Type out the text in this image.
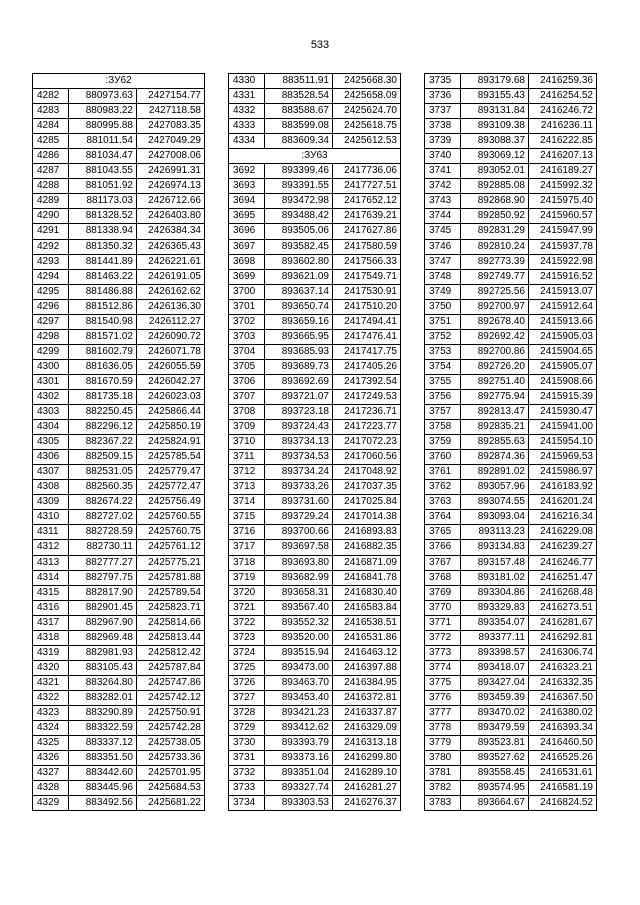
533
:ЗУ62		
4282	880973.63	2427154.77
4283	880983.22	2427118.58
4284	880995.88	2427083.35
4285	881011.54	2427049.29
4286	881034.47	2427008.06
4287	881043.55	2426991.31
4288	881051.92	2426974.13
4289	881173.03	2426712.66
4290	881328.52	2426403.80
4291	881338.94	2426384.34
4292	881350.32	2426365.43
4293	881441.89	2426221.61
4294	881463.22	2426191.05
4295	881486.88	2426162.62
4296	881512.86	2426136.30
4297	881540.98	2426112.27
4298	881571.02	2426090.72
4299	881602.79	2426071.78
4300	881636.05	2426055.59
4301	881670.59	2426042.27
4302	881735.18	2426023.03
4303	882250.45	2425866.44
4304	882296.12	2425850.19
4305	882367.22	2425824.91
4306	882509.15	2425785.54
4307	882531.05	2425779.47
4308	882560.35	2425772.47
4309	882674.22	2425756.49
4310	882727.02	2425760.55
4311	882728.59	2425760.75
4312	882730.11	2425761.12
4313	882777.27	2425775.21
4314	882797.75	2425781.88
4315	882817.90	2425789.54
4316	882901.45	2425823.71
4317	882967.90	2425814.66
4318	882969.48	2425813.44
4319	882981.93	2425812.42
4320	883105.43	2425787.84
4321	883264.80	2425747.86
4322	883282.01	2425742.12
4323	883290.89	2425750.91
4324	883322.59	2425742.28
4325	883337.12	2425738.05
4326	883351.50	2425733.36
4327	883442.60	2425701.95
4328	883445.96	2425684.53
4329	883492.56	2425681.22
4330	883511.91	2425668.30
4331	883528.54	2425658.09
4332	883588.67	2425624.70
4333	883599.08	2425618.75
4334	883609.34	2425612.53
:ЗУ63		
3692	893399.46	2417736.06
3693	893391.55	2417727.51
3694	893472.98	2417652.12
3695	893488.42	2417639.21
3696	893505.06	2417627.86
3697	893582.45	2417580.59
3698	893602.80	2417566.33
3699	893621.09	2417549.71
3700	893637.14	2417530.91
3701	893650.74	2417510.20
3702	893659.16	2417494.41
3703	893665.95	2417476.41
3704	893685.93	2417417.75
3705	893689.73	2417405.26
3706	893692.69	2417392.54
3707	893721.07	2417249.53
3708	893723.18	2417236.71
3709	893724.43	2417223.77
3710	893734.13	2417072.23
3711	893734.53	2417060.56
3712	893734.24	2417048.92
3713	893733.26	2417037.35
3714	893731.60	2417025.84
3715	893729.24	2417014.38
3716	893700.66	2416893.83
3717	893697.58	2416882.35
3718	893693.80	2416871.09
3719	893682.99	2416841.78
3720	893658.31	2416830.40
3721	893567.40	2416583.84
3722	893552.32	2416538.51
3723	893520.00	2416531.86
3724	893515.94	2416463.12
3725	893473.00	2416397.88
3726	893463.70	2416384.95
3727	893453.40	2416372.81
3728	893421.23	2416337.87
3729	893412.62	2416329.09
3730	893393.79	2416313.18
3731	893373.16	2416299.80
3732	893351.04	2416289.10
3733	893327.74	2416281.27
3734	893303.53	2416276.37
3735	893179.68	2416259.36
3736	893155.43	2416254.52
3737	893131.84	2416246.72
3738	893109.38	2416236.11
3739	893088.37	2416222.85
3740	893069.12	2416207.13
3741	893052.01	2416189.27
3742	892885.08	2415992.32
3743	892868.90	2415975.40
3744	892850.92	2415960.57
3745	892831.29	2415947.99
3746	892810.24	2415937.78
3747	892773.39	2415922.98
3748	892749.77	2415916.52
3749	892725.56	2415913.07
3750	892700.97	2415912.64
3751	892678.40	2415913.66
3752	892692.42	2415905.03
3753	892700.86	2415904.65
3754	892726.20	2415905.07
3755	892751.40	2415908.66
3756	892775.94	2415915.39
3757	892813.47	2415930.47
3758	892835.21	2415941.00
3759	892855.63	2415954.10
3760	892874.36	2415969.53
3761	892891.02	2415986.97
3762	893057.96	2416183.92
3763	893074.55	2416201.24
3764	893093.04	2416216.34
3765	893113.23	2416229.08
3766	893134.83	2416239.27
3767	893157.48	2416246.77
3768	893181.02	2416251.47
3769	893304.86	2416268.48
3770	893329.83	2416273.51
3771	893354.07	2416281.67
3772	893377.11	2416292.81
3773	893398.57	2416306.74
3774	893418.07	2416323.21
3775	893427.04	2416332.35
3776	893459.39	2416367.50
3777	893470.02	2416380.02
3778	893479.59	2416393.34
3779	893523.81	2416460.50
3780	893527.62	2416525.26
3781	893558.45	2416531.61
3782	893574.95	2416581.19
3783	893664.67	2416824.52
